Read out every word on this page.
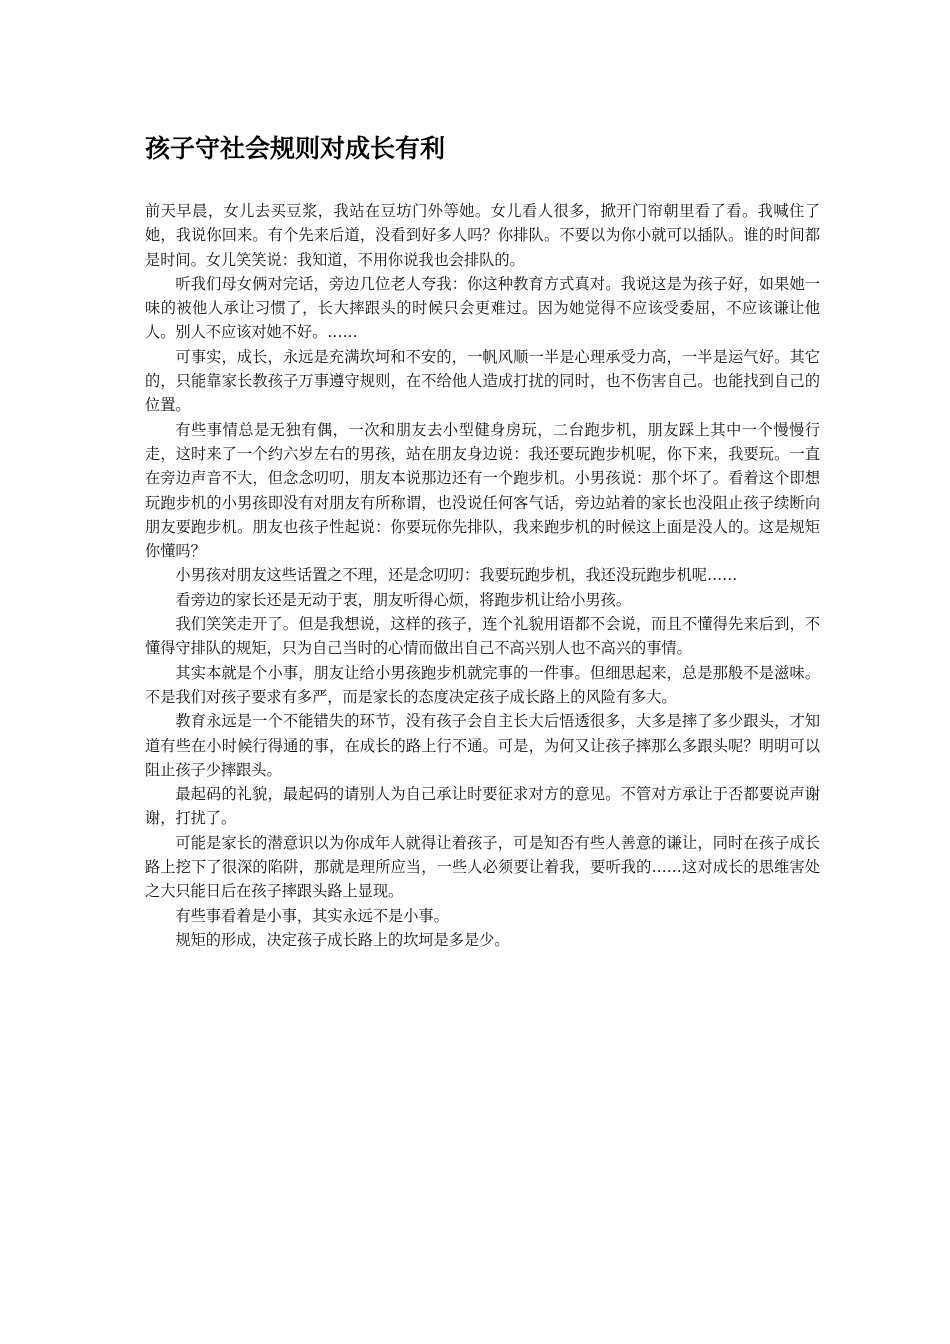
孩子守社会规则对成长有利

前天早晨，女儿去买豆浆，我站在豆坊门外等她。女儿看人很多，掀开门帘朝里看了看。我喊住了她，我说你回来。有个先来后道，没看到好多人吗？你排队。不要以为你小就可以插队。谁的时间都是时间。女儿笑笑说：我知道，不用你说我也会排队的。

听我们母女俩对完话，旁边几位老人夸我：你这种教育方式真对。我说这是为孩子好，如果她一味的被他人承让习惯了，长大摔跟头的时候只会更难过。因为她觉得不应该受委屈，不应该谦让他人。别人不应该对她不好。……

可事实，成长，永远是充满坎坷和不安的，一帆风顺一半是心理承受力高，一半是运气好。其它的，只能靠家长教孩子万事遵守规则，在不给他人造成打扰的同时，也不伤害自己。也能找到自己的位置。

有些事情总是无独有偶，一次和朋友去小型健身房玩，二台跑步机，朋友踩上其中一个慢慢行走，这时来了一个约六岁左右的男孩，站在朋友身边说：我还要玩跑步机呢，你下来，我要玩。一直在旁边声音不大，但念念叨叨，朋友本说那边还有一个跑步机。小男孩说：那个坏了。看着这个即想玩跑步机的小男孩即没有对朋友有所称谓，也没说任何客气话，旁边站着的家长也没阻止孩子续断向朋友要跑步机。朋友也孩子性起说：你要玩你先排队，我来跑步机的时候这上面是没人的。这是规矩你懂吗？

小男孩对朋友这些话置之不理，还是念叨叨：我要玩跑步机，我还没玩跑步机呢……

看旁边的家长还是无动于衷，朋友听得心烦，将跑步机让给小男孩。

我们笑笑走开了。但是我想说，这样的孩子，连个礼貌用语都不会说，而且不懂得先来后到，不懂得守排队的规矩，只为自己当时的心情而做出自己不高兴别人也不高兴的事情。

其实本就是个小事，朋友让给小男孩跑步机就完事的一件事。但细思起来，总是那般不是滋味。不是我们对孩子要求有多严，而是家长的态度决定孩子成长路上的风险有多大。

教育永远是一个不能错失的环节，没有孩子会自主长大后悟透很多，大多是摔了多少跟头，才知道有些在小时候行得通的事，在成长的路上行不通。可是，为何又让孩子摔那么多跟头呢？明明可以阻止孩子少摔跟头。

最起码的礼貌，最起码的请别人为自己承让时要征求对方的意见。不管对方承让于否都要说声谢谢，打扰了。

可能是家长的潜意识以为你成年人就得让着孩子，可是知否有些人善意的谦让，同时在孩子成长路上挖下了很深的陷阱，那就是理所应当，一些人必须要让着我，要听我的……这对成长的思维害处之大只能日后在孩子摔跟头路上显现。

有些事看着是小事，其实永远不是小事。

规矩的形成，决定孩子成长路上的坎坷是多是少。
